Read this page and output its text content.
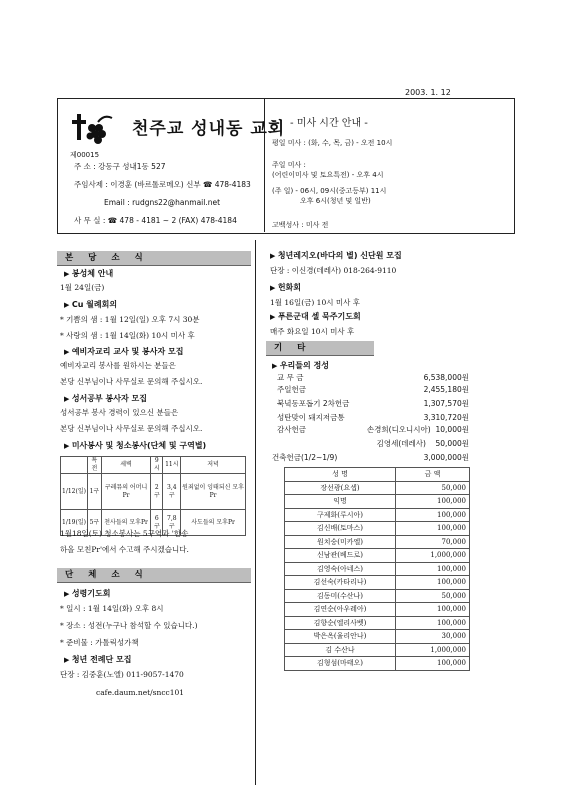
2003. 1. 12
제00015
천주교 성내동 교회
주 소 : 강동구 성내1동 527
주임사제 : 이경훈 (바르톨로메오) 신부 ☎ 478-4183
Email : rudgns22@hanmail.net
사 무 실 : ☎ 478 - 4181 ~ 2 (FAX) 478-4184
- 미사 시간 안내 -
평일 미사 : (화, 수, 목, 금) - 오전 10시
주일 미사 :
(어린이미사 및 토요특전) - 오후 4시
(주 일) - 06시, 09시(중고등부) 11시
오후 6시(청년 및 일반)
고백성사 : 미사 전
본 당 소 식
▶ 봉성체 안내
1월 24일(금)
▶ Cu 월례회의
* 기쁨의 샘 : 1월 12일(일) 오후 7시 30분
* 사랑의 샘 : 1월 14일(화) 10시 미사 후
▶ 예비자교리 교사 및 봉사자 모집
예비자교리 봉사를 원하시는 분들은
본당 신부님이나 사무실로 문의해 주십시오.
▶ 성서공부 봉사자 모집
성서공부 봉사 경력이 있으신 분들은
본당 신부님이나 사무실로 문의해 주십시오.
▶ 미사봉사 및 청소봉사(단체 및 구역별)
	특전	세벽	9시	11시	저녁
1/12(일)	1구	구레뮤의 어머니 Pr	2구	3,4구	원죄없이 잉태되신 모후Pr
1/19(일)	5구	천사들의 모후Pr	6구	7,8구	사도들의 모후Pr
1월18일(토) 청소봉사는 5구역과 '한송
하올 모친Pr'에서 수고해 주시겠습니다.
단 체 소 식
▶ 성령기도회
* 일시 : 1월 14일(화) 오후 8시
* 장소 : 성전(누구나 참석할 수 있습니다.)
* 준비물 : 가톨릭성가책
▶ 청년 전례단 모집
단장 : 김중훈(노엘) 011-9057-1470
cafe.daum.net/sncc101
▶ 청년레지오(바다의 별) 신단원 모집
단장 : 이신경(데레사) 018-264-9110
▶ 헌화회
1월 16일(금) 10시 미사 후
▶ 푸른군대 셀 묵주기도회
매주 화요일 10시 미사 후
기 타
▶ 우리들의 정성
교 무 금	6,538,000원
주일헌금	2,455,180원
북녘동포돕기 2차헌금	1,307,570원
성탄맞이 돼지저금통	3,310,720원
감사헌금	손경희(디오니시아) 10,000원
김영세(데레사) 50,000원
건축헌금(1/2~1/9)	3,000,000원
성 명	금 액
장선광(요셉)	50,000
익명	100,000
구제화(루시아)	100,000
김신배(토마스)	100,000
원치숭(미카엘)	70,000
신남관(베드로)	1,000,000
김영숙(아네스)	100,000
김선숙(카타리나)	100,000
김동미(수산나)	50,000
김연순(아우레아)	100,000
김향순(엘리사벳)	100,000
박은옥(율리안나)	30,000
김 수산나	1,000,000
김형섬(마태오)	100,000
